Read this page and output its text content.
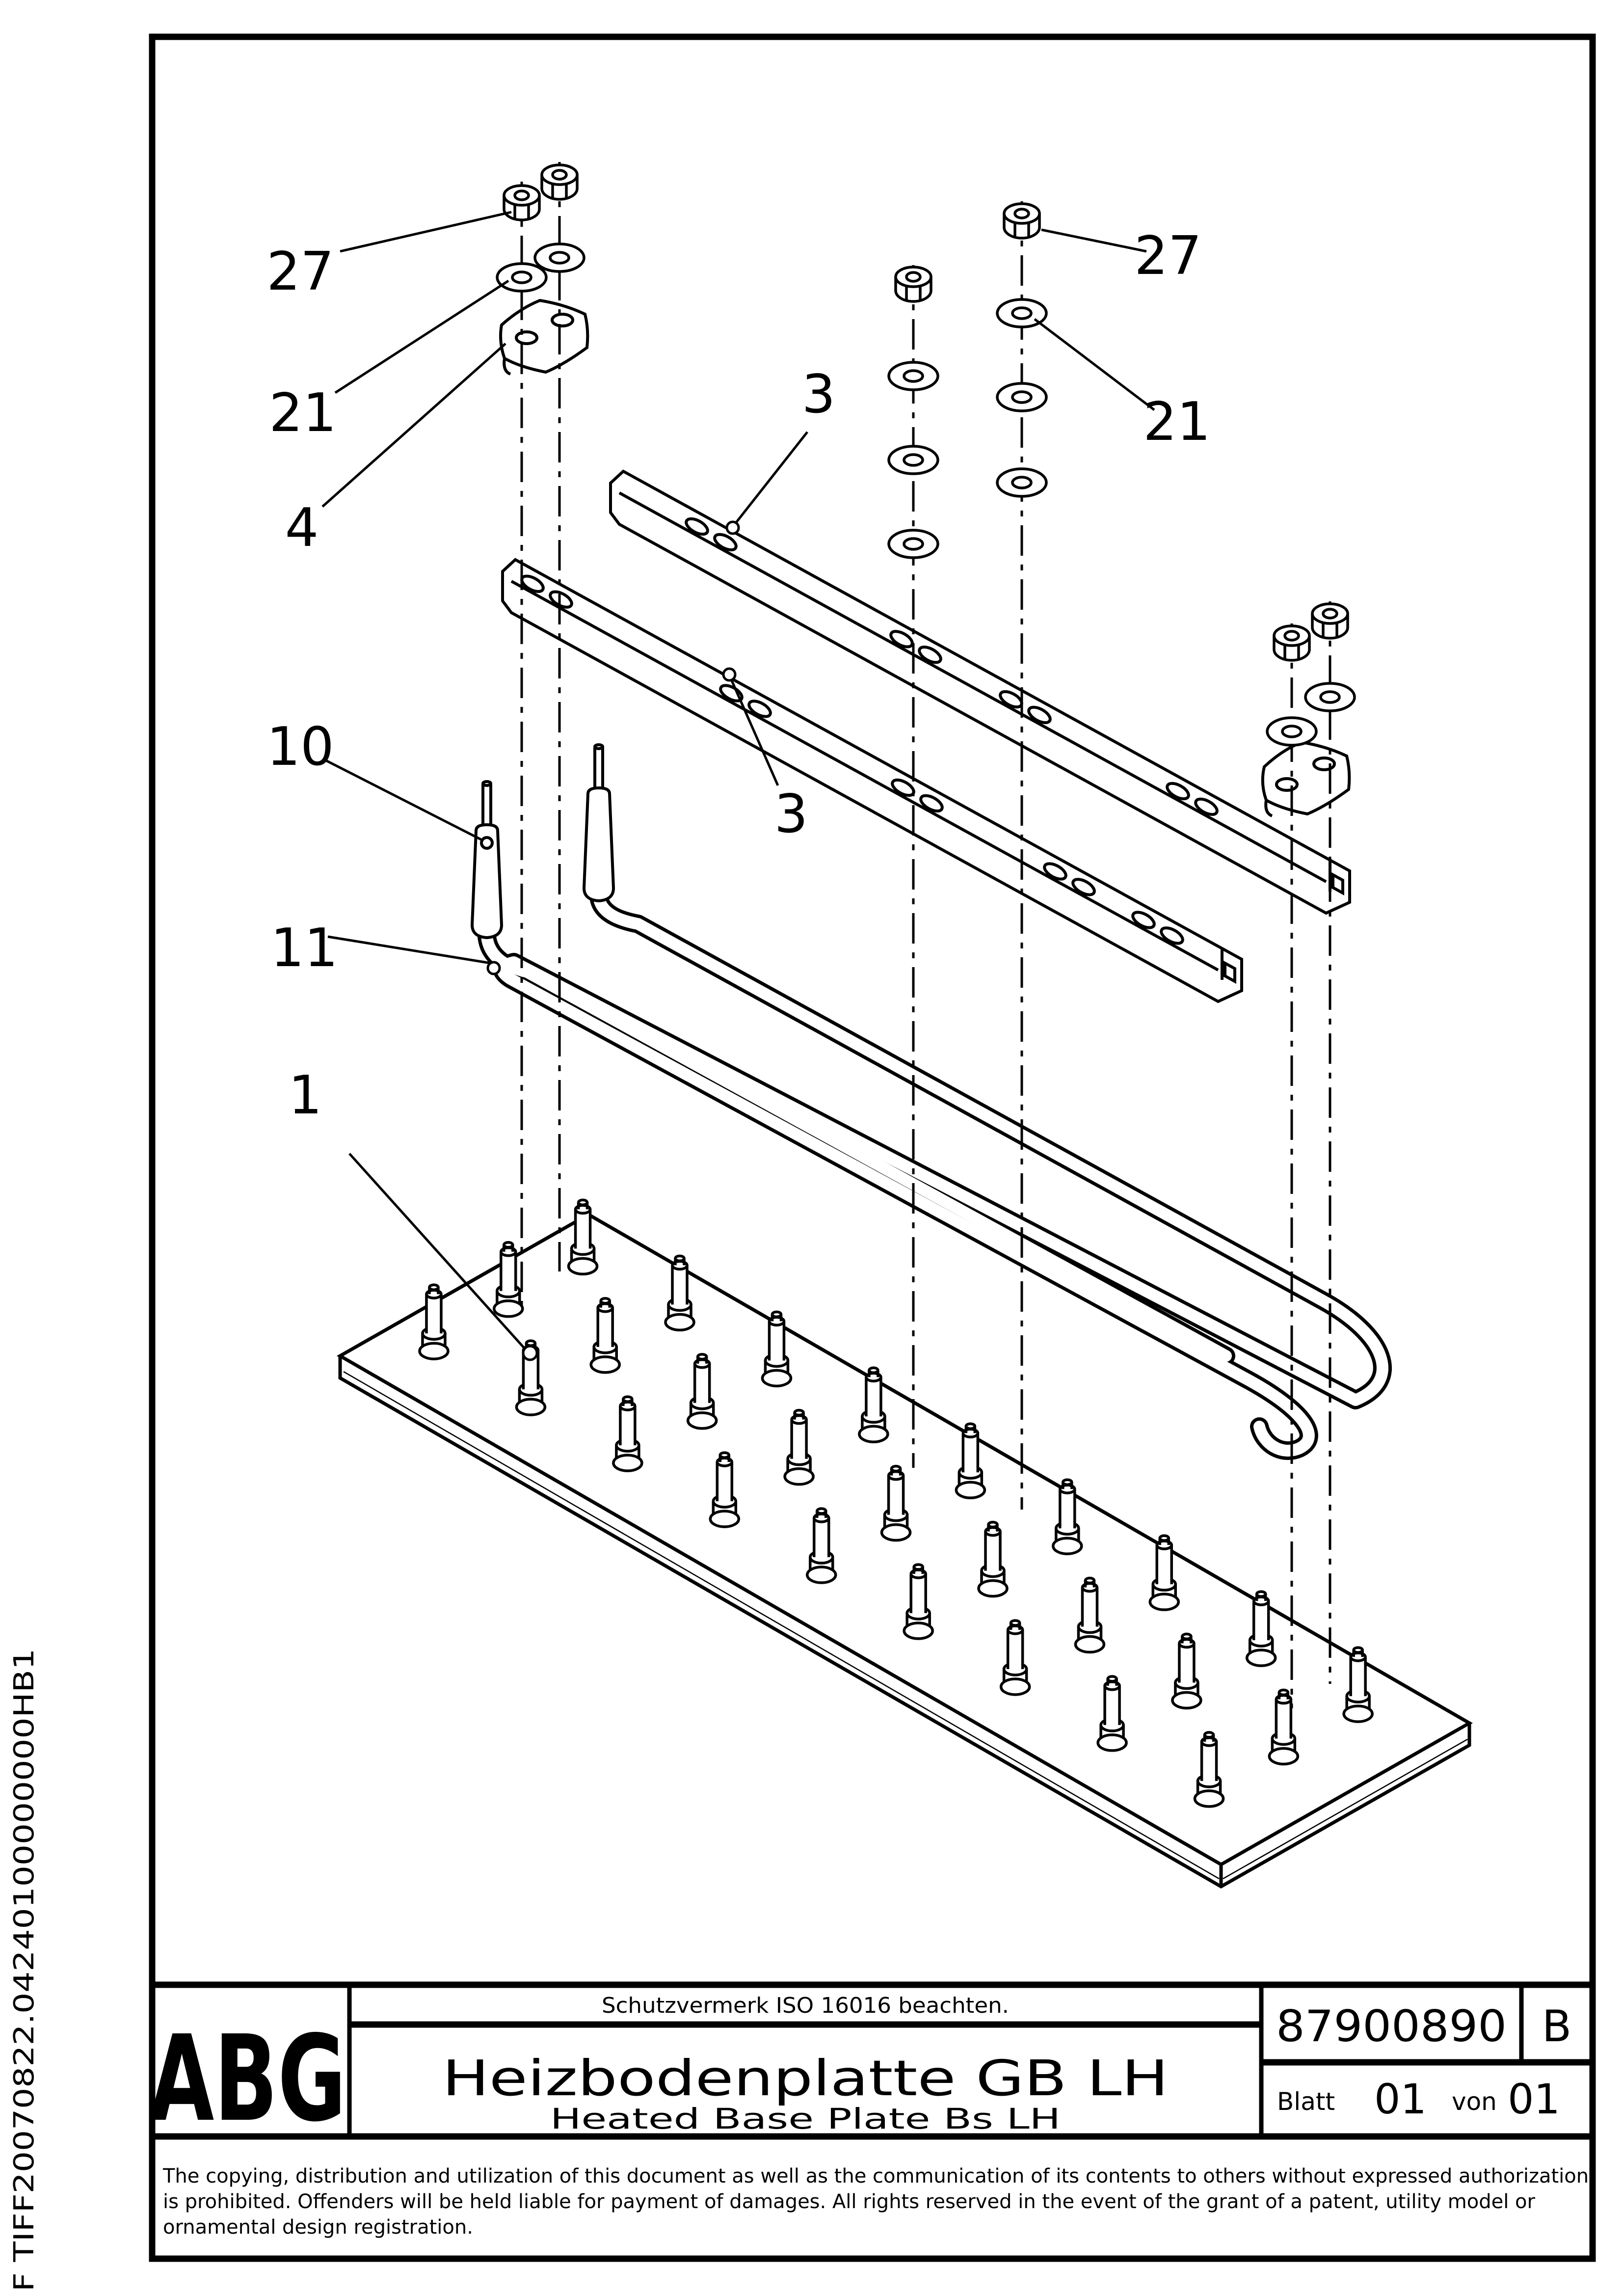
27
21
4
10
11
1
3
3
27
21
ABG
Schutzvermerk ISO 16016 beachten.
Heizbodenplatte GB LH
Heated Base Plate Bs LH
87900890 B
Blatt 01 von 01
The copying, distribution and utilization of this document as well as the communication of its contents to others without expressed authorization
is prohibited. Offenders will be held liable for payment of damages. All rights reserved in the event of the grant of a patent, utility model or
ornamental design registration.
F TIFF20070822.04240100000000HB1
